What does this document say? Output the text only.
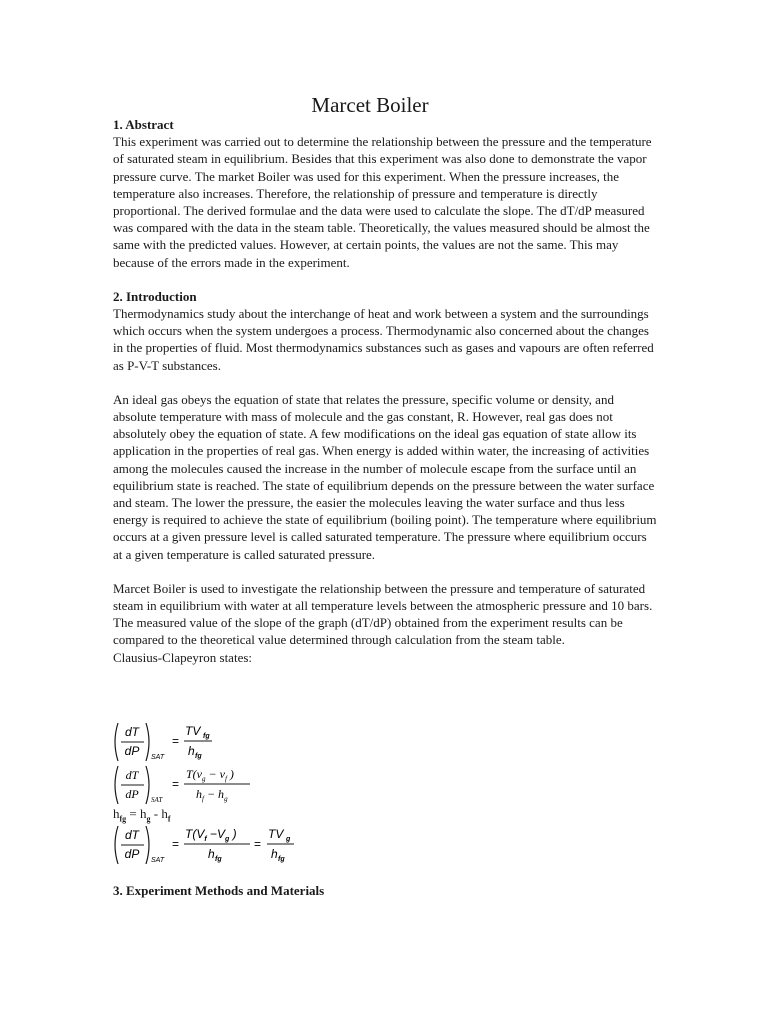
Marcet Boiler
1. Abstract

This experiment was carried out to determine the relationship between the pressure and the temperature of saturated steam in equilibrium. Besides that this experiment was also done to demonstrate the vapor pressure curve. The market Boiler was used for this experiment. When the pressure increases, the temperature also increases. Therefore, the relationship of pressure and temperature is directly proportional. The derived formulae and the data were used to calculate the slope. The dT/dP measured was compared with the data in the steam table. Theoretically, the values measured should be almost the same with the predicted values. However, at certain points, the values are not the same. This may because of the errors made in the experiment.

2. Introduction

Thermodynamics study about the interchange of heat and work between a system and the surroundings which occurs when the system undergoes a process. Thermodynamic also concerned about the changes in the properties of fluid. Most thermodynamics substances such as gases and vapours are often referred as P-V-T substances.

An ideal gas obeys the equation of state that relates the pressure, specific volume or density, and absolute temperature with mass of molecule and the gas constant, R. However, real gas does not absolutely obey the equation of state. A few modifications on the ideal gas equation of state allow its application in the properties of real gas. When energy is added within water, the increasing of activities among the molecules caused the increase in the number of molecule escape from the surface until an equilibrium state is reached. The state of equilibrium depends on the pressure between the water surface and steam. The lower the pressure, the easier the molecules leaving the water surface and thus less energy is required to achieve the state of equilibrium (boiling point). The temperature where equilibrium occurs at a given pressure level is called saturated temperature. The pressure where equilibrium occurs at a given temperature is called saturated pressure.

Marcet Boiler is used to investigate the relationship between the pressure and temperature of saturated steam in equilibrium with water at all temperature levels between the atmospheric pressure and 10 bars. The measured value of the slope of the graph (dT/dP) obtained from the experiment results can be compared to the theoretical value determined through calculation from the steam table.

Clausius-Clapeyron states:

dT
dP SAT
=
TV fg
h fg
dT
dP SAT
=
$T(v_g - v_f$ )
$h_f - h_g$
$h_{fg} = h_g - h_f$
dT
dP SAT
=
$T(V_f -V_g$ )
h fg
=
TV g
h fg
3. Experiment Methods and Materials
